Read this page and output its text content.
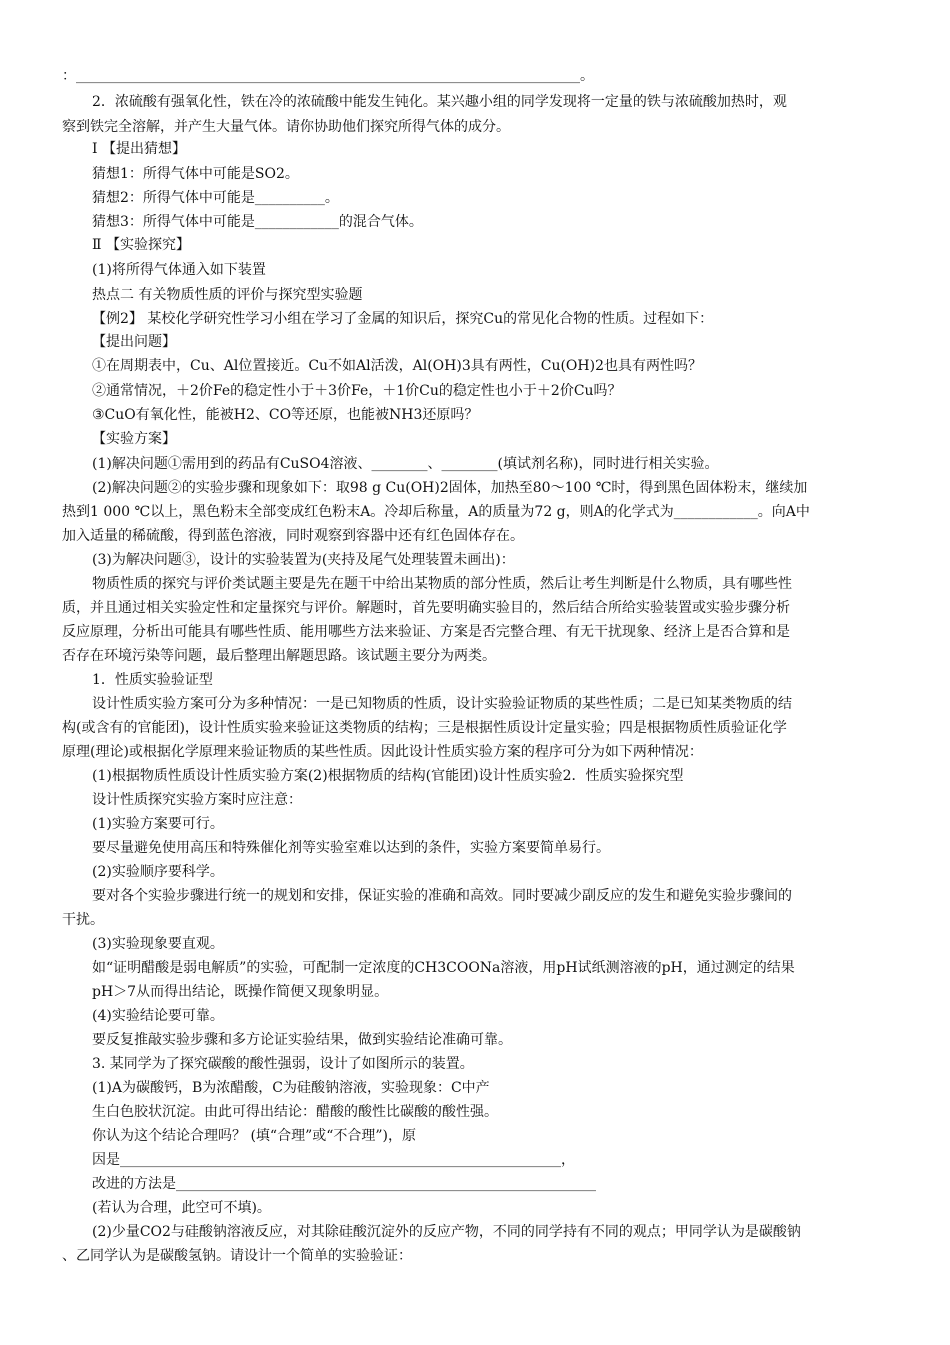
：________________________________________________________________________。
2．浓硫酸有强氧化性，铁在冷的浓硫酸中能发生钝化。某兴趣小组的同学发现将一定量的铁与浓硫酸加热时，观
察到铁完全溶解，并产生大量气体。请你协助他们探究所得气体的成分。
Ⅰ 【提出猜想】
猜想1：所得气体中可能是SO2。
猜想2：所得气体中可能是__________。
猜想3：所得气体中可能是____________的混合气体。
Ⅱ 【实验探究】
(1)将所得气体通入如下装置
热点二 有关物质性质的评价与探究型实验题
【例2】 某校化学研究性学习小组在学习了金属的知识后，探究Cu的常见化合物的性质。过程如下：
【提出问题】
①在周期表中，Cu、Al位置接近。Cu不如Al活泼，Al(OH)3具有两性，Cu(OH)2也具有两性吗？
②通常情况，＋2价Fe的稳定性小于＋3价Fe，＋1价Cu的稳定性也小于＋2价Cu吗？
③CuO有氧化性，能被H2、CO等还原，也能被NH3还原吗？
【实验方案】
(1)解决问题①需用到的药品有CuSO4溶液、________、________(填试剂名称)，同时进行相关实验。
(2)解决问题②的实验步骤和现象如下：取98 g Cu(OH)2固体，加热至80～100 ℃时，得到黑色固体粉末，继续加
热到1 000 ℃以上，黑色粉末全部变成红色粉末A。冷却后称量，A的质量为72 g，则A的化学式为____________。向A中
加入适量的稀硫酸，得到蓝色溶液，同时观察到容器中还有红色固体存在。
(3)为解决问题③，设计的实验装置为(夹持及尾气处理装置未画出)：
物质性质的探究与评价类试题主要是先在题干中给出某物质的部分性质，然后让考生判断是什么物质，具有哪些性
质，并且通过相关实验定性和定量探究与评价。解题时，首先要明确实验目的，然后结合所给实验装置或实验步骤分析
反应原理，分析出可能具有哪些性质、能用哪些方法来验证、方案是否完整合理、有无干扰现象、经济上是否合算和是
否存在环境污染等问题，最后整理出解题思路。该试题主要分为两类。
1．性质实验验证型
设计性质实验方案可分为多种情况：一是已知物质的性质，设计实验验证物质的某些性质；二是已知某类物质的结
构(或含有的官能团)，设计性质实验来验证这类物质的结构；三是根据性质设计定量实验；四是根据物质性质验证化学
原理(理论)或根据化学原理来验证物质的某些性质。因此设计性质实验方案的程序可分为如下两种情况：
(1)根据物质性质设计性质实验方案(2)根据物质的结构(官能团)设计性质实验2．性质实验探究型
设计性质探究实验方案时应注意：
(1)实验方案要可行。
要尽量避免使用高压和特殊催化剂等实验室难以达到的条件，实验方案要简单易行。
(2)实验顺序要科学。
要对各个实验步骤进行统一的规划和安排，保证实验的准确和高效。同时要减少副反应的发生和避免实验步骤间的
干扰。
(3)实验现象要直观。
如“证明醋酸是弱电解质”的实验，可配制一定浓度的CH3COONa溶液，用pH试纸测溶液的pH，通过测定的结果
pH＞7从而得出结论，既操作简便又现象明显。
(4)实验结论要可靠。
要反复推敲实验步骤和多方论证实验结果，做到实验结论准确可靠。
3. 某同学为了探究碳酸的酸性强弱，设计了如图所示的装置。
(1)A为碳酸钙，B为浓醋酸，C为硅酸钠溶液，实验现象：C中产
生白色胶状沉淀。由此可得出结论：醋酸的酸性比碳酸的酸性强。
你认为这个结论合理吗？ (填“合理”或“不合理”)，原
因是_______________________________________________________________，
改进的方法是____________________________________________________________
(若认为合理，此空可不填)。
(2)少量CO2与硅酸钠溶液反应，对其除硅酸沉淀外的反应产物，不同的同学持有不同的观点；甲同学认为是碳酸钠
、乙同学认为是碳酸氢钠。请设计一个简单的实验验证：
